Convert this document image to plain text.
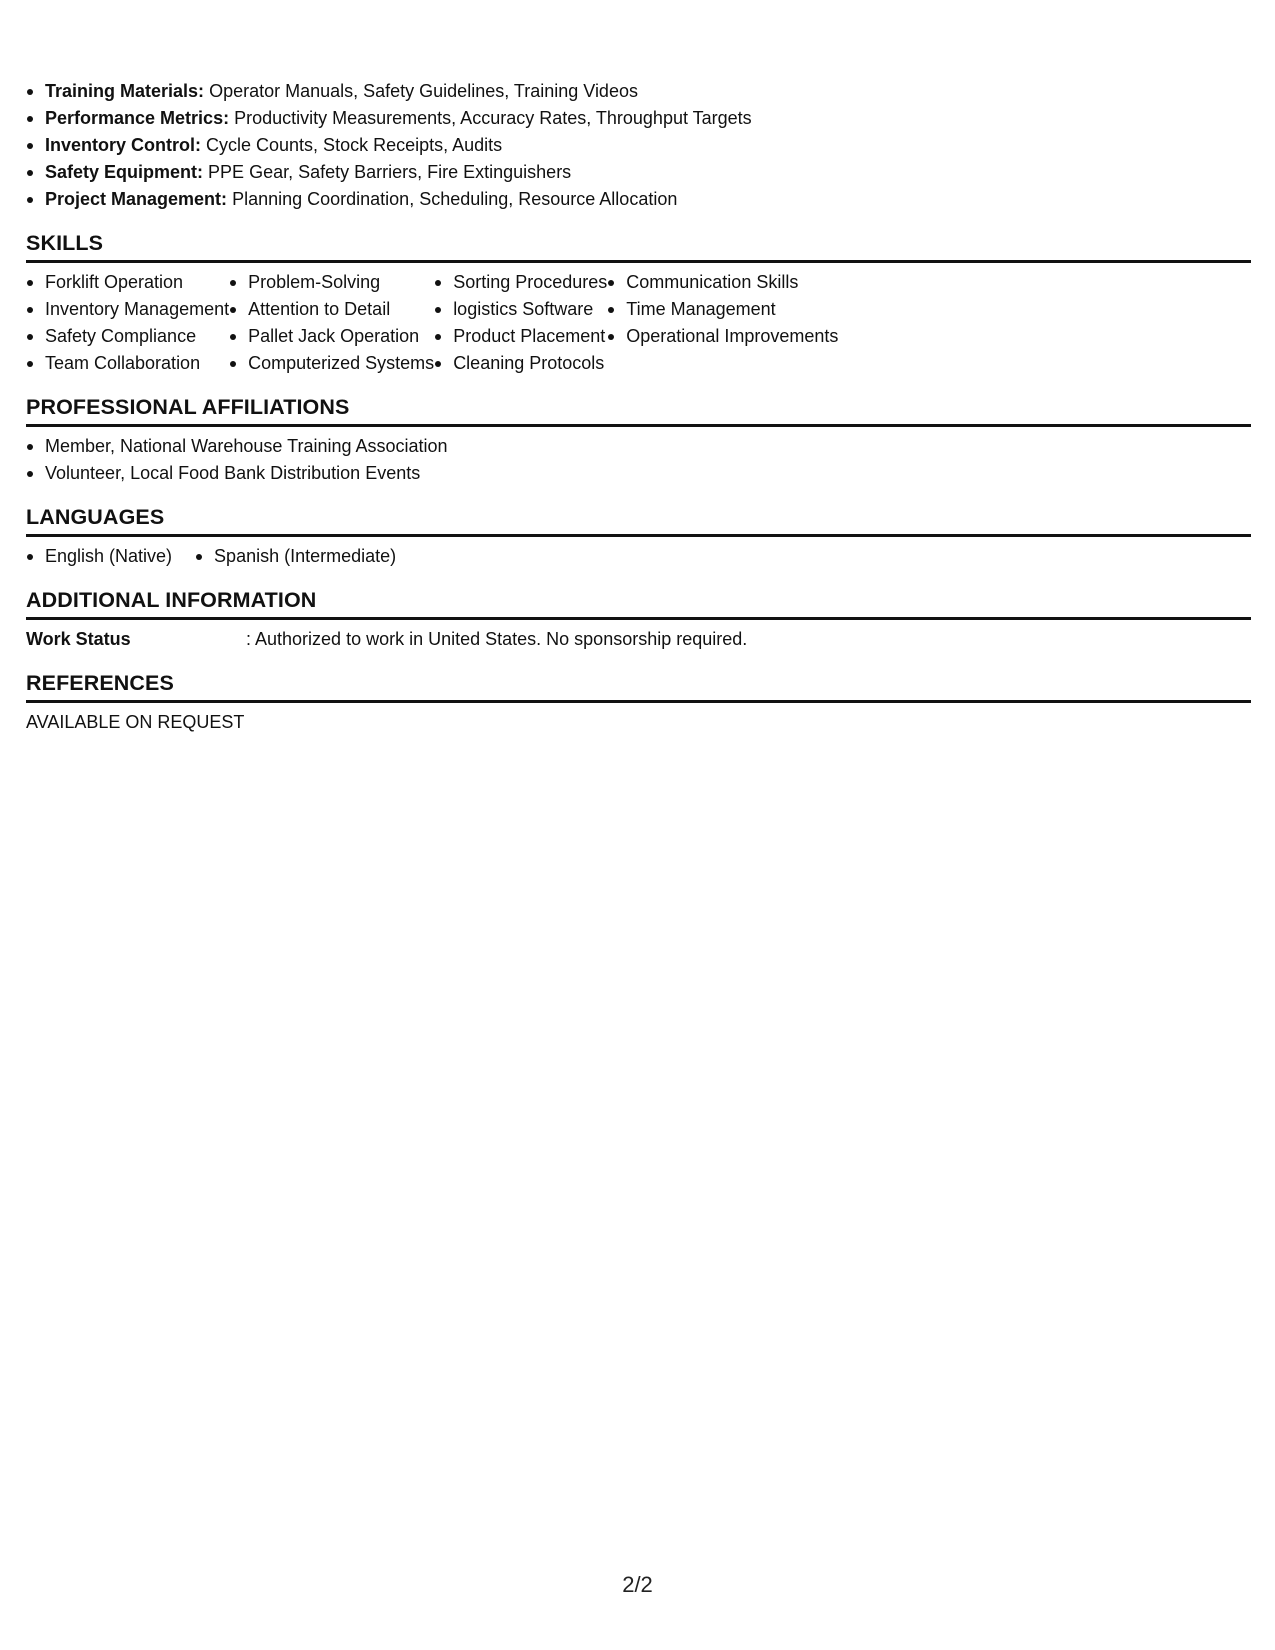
Training Materials: Operator Manuals, Safety Guidelines, Training Videos
Performance Metrics: Productivity Measurements, Accuracy Rates, Throughput Targets
Inventory Control: Cycle Counts, Stock Receipts, Audits
Safety Equipment: PPE Gear, Safety Barriers, Fire Extinguishers
Project Management: Planning Coordination, Scheduling, Resource Allocation
SKILLS
Forklift Operation
Inventory Management
Safety Compliance
Team Collaboration
Problem-Solving
Attention to Detail
Pallet Jack Operation
Computerized Systems
Sorting Procedures
logistics Software
Product Placement
Cleaning Protocols
Communication Skills
Time Management
Operational Improvements
PROFESSIONAL AFFILIATIONS
Member, National Warehouse Training Association
Volunteer, Local Food Bank Distribution Events
LANGUAGES
English (Native)	Spanish (Intermediate)
ADDITIONAL INFORMATION
Work Status	: Authorized to work in United States. No sponsorship required.
REFERENCES
AVAILABLE ON REQUEST
2/2
